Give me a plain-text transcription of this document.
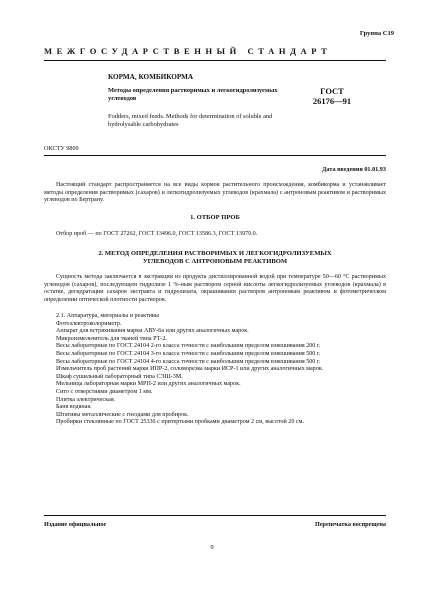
Группа С19
МЕЖГОСУДАРСТВЕННЫЙ СТАНДАРТ
КОРМА, КОМБИКОРМА
Методы определения растворимых и легкогидролизуемых углеводов
Fodders, mixed feeds. Methods for determination of soluble and hydrolysable carbohydrates
ГОСТ
26176—91
ОКСТУ 9809
Дата введения 01.01.93
Настоящий стандарт распространяется на все виды кормов растительного происхождения, комбикорма и устанавливает методы определения растворимых (сахаров) и легкогидролизуемых углеводов (крахмала) с антроновым реактивом и растворимых углеводов по Бертрану.
1. ОТБОР ПРОБ
Отбор проб — по ГОСТ 27262, ГОСТ 13496.0, ГОСТ 13586.3, ГОСТ 13979.0.
2. МЕТОД ОПРЕДЕЛЕНИЯ РАСТВОРИМЫХ И ЛЕГКОГИДРОЛИЗУЕМЫХ УГЛЕВОДОВ С АНТРОНОВЫМ РЕАКТИВОМ
Сущность метода заключается в экстракции из продукта дистиллированной водой при температуре 50—60 °С растворимых углеводов (сахаров), последующем гидролизе 1 %-ным раствором серной кислоты легкогидролизуемых углеводов (крахмала) в остатке, дегидратации сахаров экстракта и гидролизата, окрашивании растворов антроновым реактивом и фотометрическом определении оптической плотности растворов.
2.1. Аппаратура, материалы и реактивы
Фотоэлектроколориметр.
Аппарат для встряхивания марки АВУ-6а или других аналогичных марок.
Микроизмельчитель для тканей типа РТ-2.
Весы лабораторные по ГОСТ 24104 2-го класса точности с наибольшим пределом взвешивания 200 г.
Весы лабораторные по ГОСТ 24104 3-го класса точности с наибольшим пределом взвешивания 500 г.
Весы лабораторные по ГОСТ 24104 4-го класса точности с наибольшим пределом взвешивания 500 г.
Измельчитель проб растений марки ИПР-2, соломорезка марки ИСР-1 или других аналогичных марок.
Шкаф сушильный лабораторный типа СЭШ-3М.
Мельница лабораторная марки МРП-2 или других аналогичных марок.
Сито с отверстиями диаметром 1 мм.
Плитка электрическая.
Баня водяная.
Штативы металлические с гнездами для пробирок.
Пробирки стеклянные по ГОСТ 25336 с притертыми пробками диаметром 2 см, высотой 20 см.
Издание официальное	Перепечатка воспрещена
9
